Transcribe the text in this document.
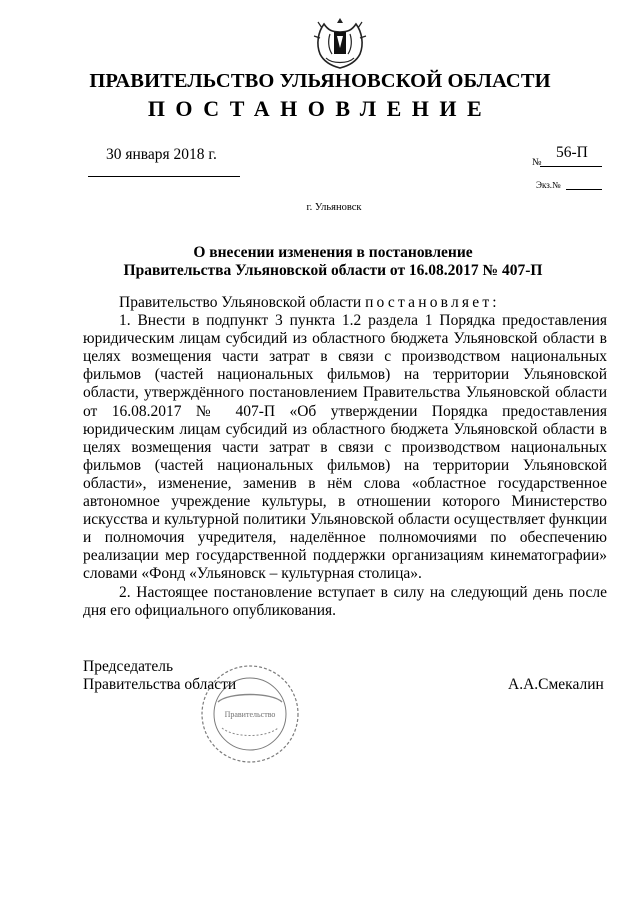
ПРАВИТЕЛЬСТВО УЛЬЯНОВСКОЙ ОБЛАСТИ
ПОСТАНОВЛЕНИЕ
30 января 2018 г.	№
56-П
Экз.№
г. Ульяновск
О внесении изменения в постановление
Правительства Ульяновской области от 16.08.2017 № 407-П

Правительство Ульяновской области постановляет:

1. Внести в подпункт 3 пункта 1.2 раздела 1 Порядка предоставления юридическим лицам субсидий из областного бюджета Ульяновской области в целях возмещения части затрат в связи с производством национальных фильмов (частей национальных фильмов) на территории Ульяновской области, утверждённого постановлением Правительства Ульяновской области от 16.08.2017 № 407-П «Об утверждении Порядка предоставления юридическим лицам субсидий из областного бюджета Ульяновской области в целях возмещения части затрат в связи с производством национальных фильмов (частей национальных фильмов) на территории Ульяновской области», изменение, заменив в нём слова «областное государственное автономное учреждение культуры, в отношении которого Министерство искусства и культурной политики Ульяновской области осуществляет функции и полномочия учредителя, наделённое полномочиями по обеспечению реализации мер государственной поддержки организациям кинематографии» словами «Фонд «Ульяновск – культурная столица».

2. Настоящее постановление вступает в силу на следующий день после дня его официального опубликования.

Председатель
Правительства области	А.А.Смекалин
Правительство
